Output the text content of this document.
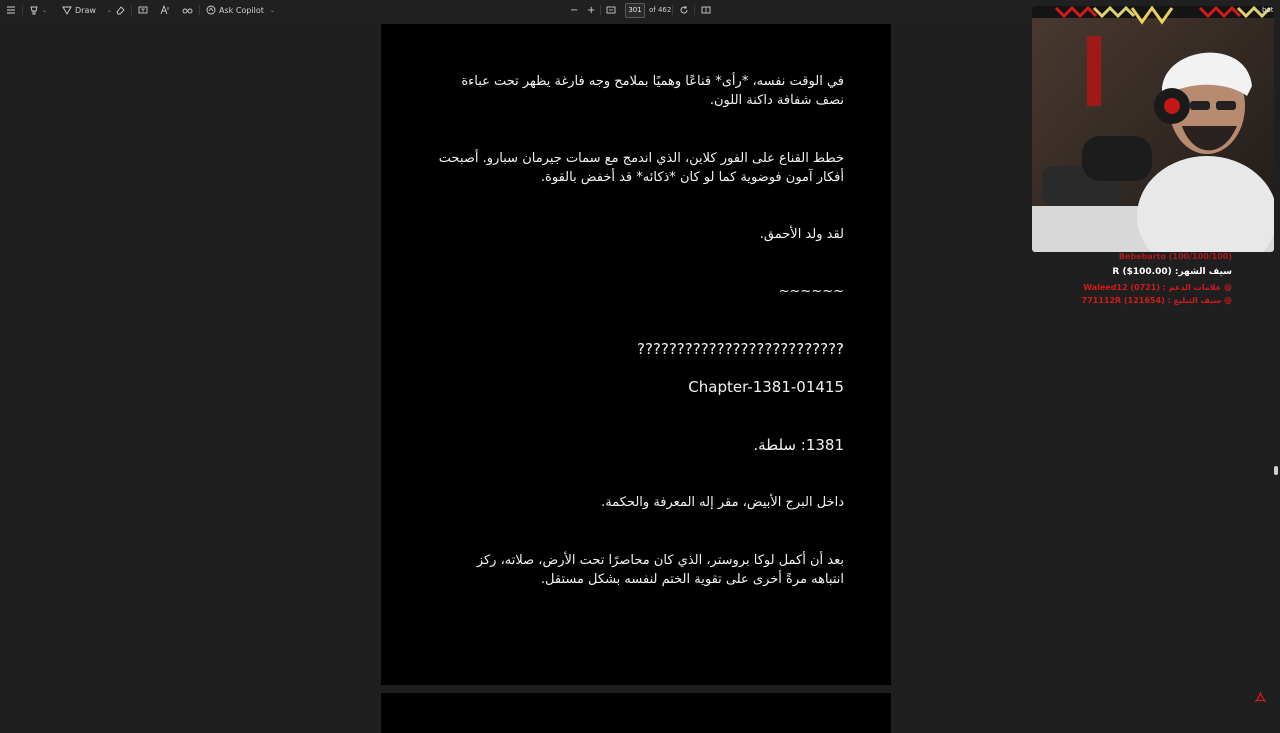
⌄	Draw ⌄	Ask Copilot ⌄	− +	301	of 462
في الوقت نفسه، *رأى* قناعًا وهميًا بملامح وجه فارغة يظهر تحت عباءة
نصف شفافة داكنة اللون.
خطط القناع على الفور كلاين، الذي اندمج مع سمات جيرمان سبارو. أصبحت
أفكار آمون فوضوية كما لو كان *ذكائه* قد أخفض بالقوة.
لقد ولد الأحمق.
~~~~~~
??????????????????????????
Chapter-1381-01415
1381: سلطة.
داخل البرج الأبيض، مقر إله المعرفة والحكمة.
بعد أن أكمل لوكا بروستر، الذي كان محاصرًا تحت الأرض، صلاته، ركز
انتباهه مرةً أخرى على تقوية الختم لنفسه بشكل مستقل.
Bebebarto (100/100/100)
سيف الشهر: (100.00$) R
@ علامات الدعم : (0721) Waleed12
@ سيف التبليغ : (121654) 771112R
bat
